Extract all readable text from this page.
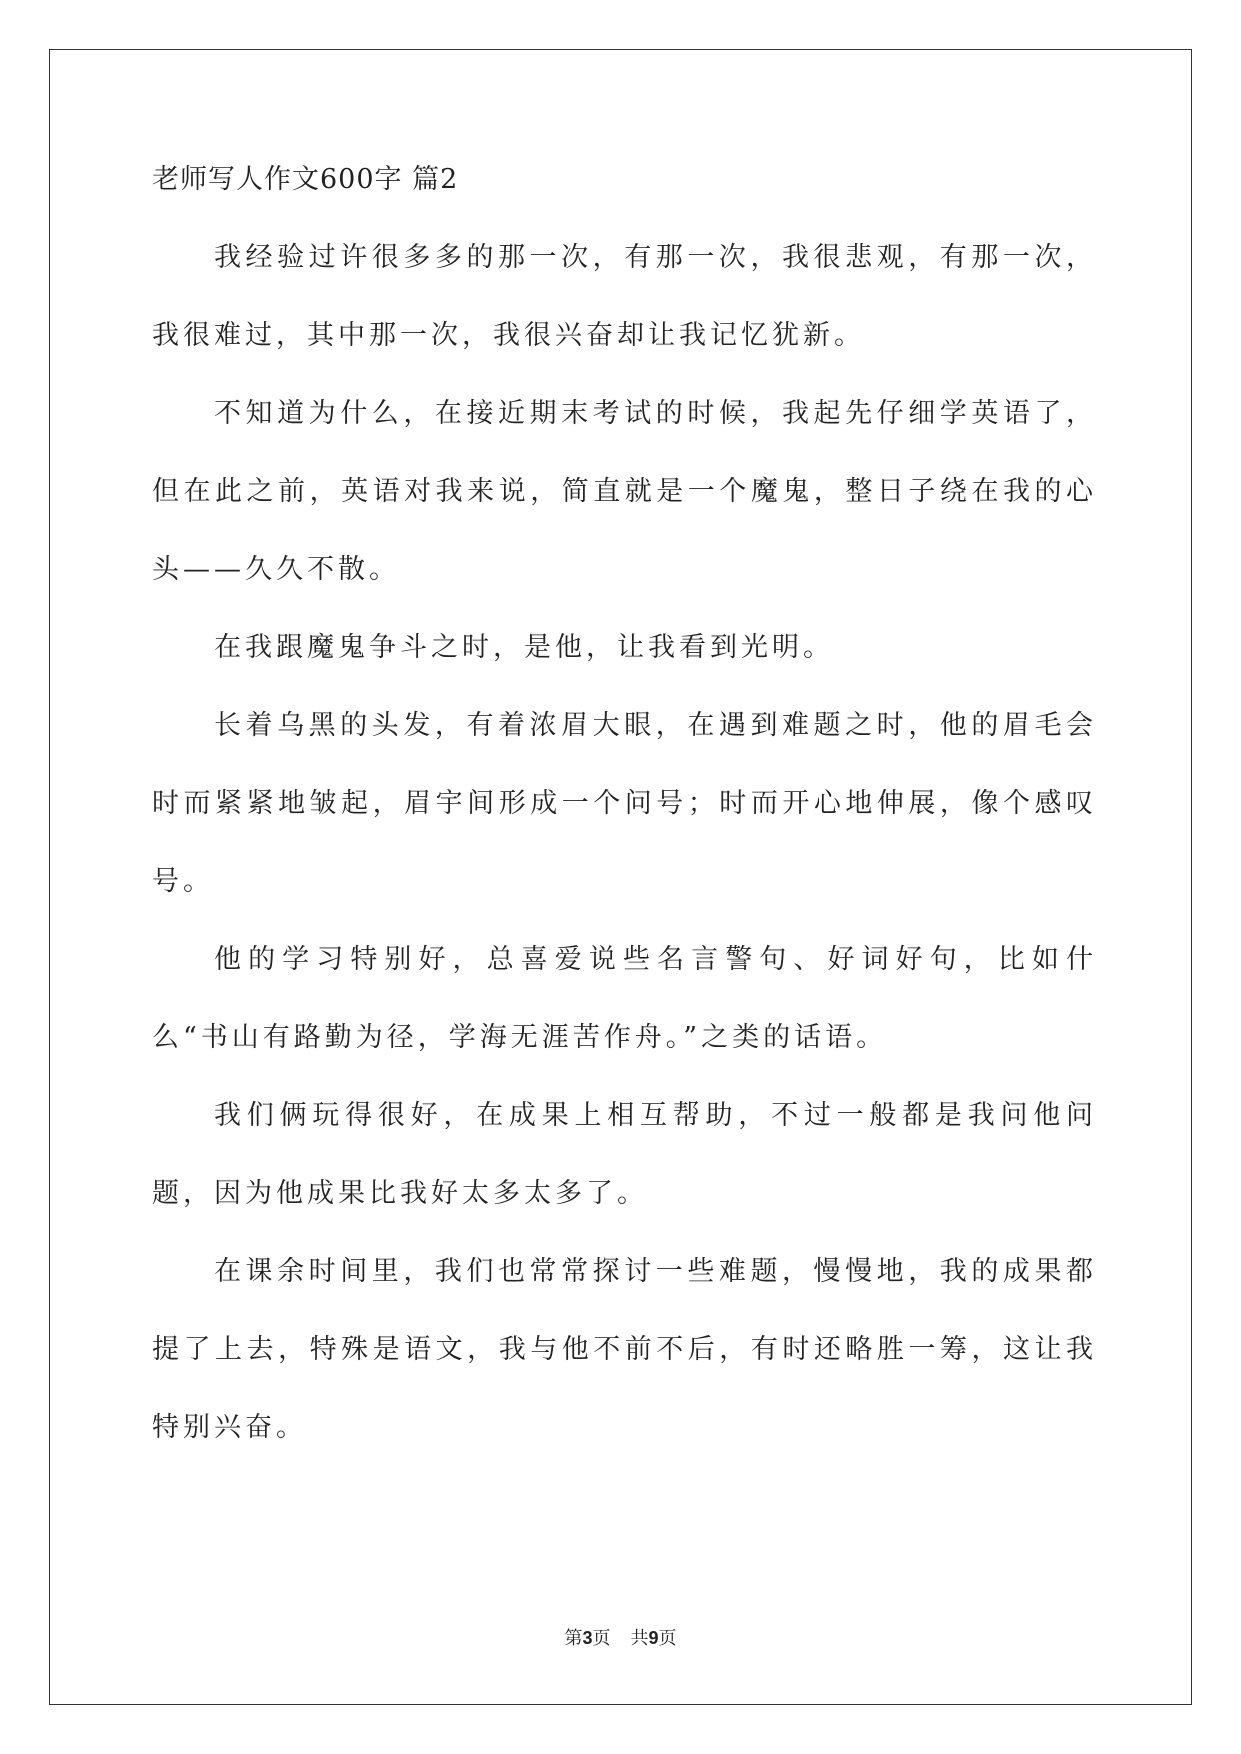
老师写人作文600字 篇2

我经验过许很多多的那一次，有那一次，我很悲观，有那一次，我很难过，其中那一次，我很兴奋却让我记忆犹新。

不知道为什么，在接近期末考试的时候，我起先仔细学英语了，但在此之前，英语对我来说，简直就是一个魔鬼，整日子绕在我的心头——久久不散。

在我跟魔鬼争斗之时，是他，让我看到光明。

长着乌黑的头发，有着浓眉大眼，在遇到难题之时，他的眉毛会时而紧紧地皱起，眉宇间形成一个问号；时而开心地伸展，像个感叹号。

他的学习特别好，总喜爱说些名言警句、好词好句，比如什么“书山有路勤为径，学海无涯苦作舟。”之类的话语。

我们俩玩得很好，在成果上相互帮助，不过一般都是我问他问题，因为他成果比我好太多太多了。

在课余时间里，我们也常常探讨一些难题，慢慢地，我的成果都提了上去，特殊是语文，我与他不前不后，有时还略胜一筹，这让我特别兴奋。

第3页 共9页
